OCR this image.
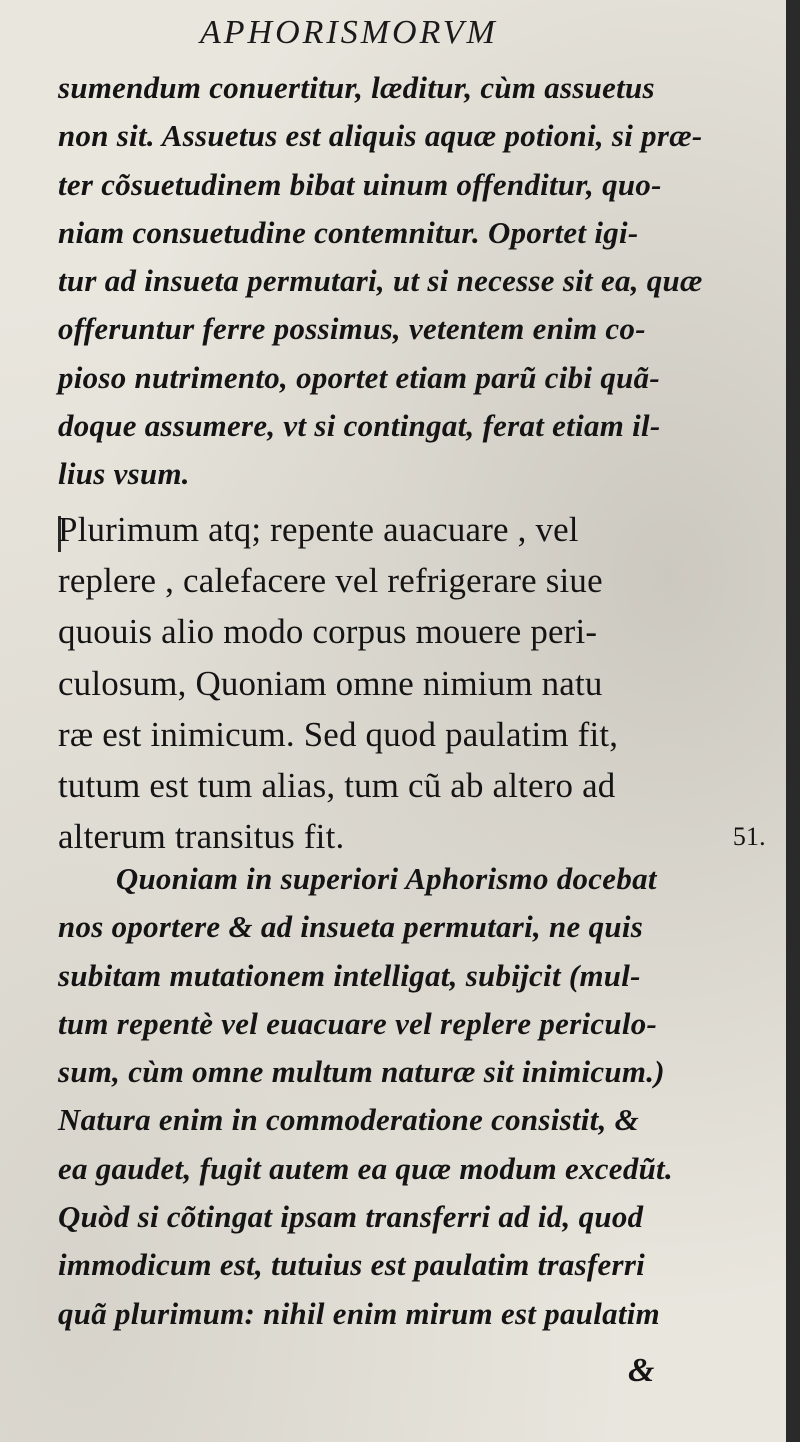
APHORISMORVM
sumendum conuertitur, læditur, cùm assuetus
non sit. Assuetus est aliquis aquæ potioni, si præ-
ter cõsuetudinem bibat uinum offenditur, quo-
niam consuetudine contemnitur. Oportet igi-
tur ad insueta permutari, ut si necesse sit ea, quæ
offeruntur ferre possimus, vetentem enim co-
pioso nutrimento, oportet etiam parũ cibi quã-
doque assumere, vt si contingat, ferat etiam il-
lius vsum.
Plurimum atq; repente auacuare , vel
replere , calefacere vel refrigerare siue
quouis alio modo corpus mouere peri-
culosum, Quoniam omne nimium natu
ræ est inimicum. Sed quod paulatim fit,
tutum est tum alias, tum cũ ab altero ad
alterum transitus fit.	51.
Quoniam in superiori Aphorismo docebat
nos oportere & ad insueta permutari, ne quis
subitam mutationem intelligat, subijcit (mul-
tum repentè vel euacuare vel replere periculo-
sum, cùm omne multum naturæ sit inimicum.)
Natura enim in commoderatione consistit, &
ea gaudet, fugit autem ea quæ modum excedũt.
Quòd si cõtingat ipsam transferri ad id, quod
immodicum est, tutuius est paulatim trasferri
quã plurimum: nihil enim mirum est paulatim
&
